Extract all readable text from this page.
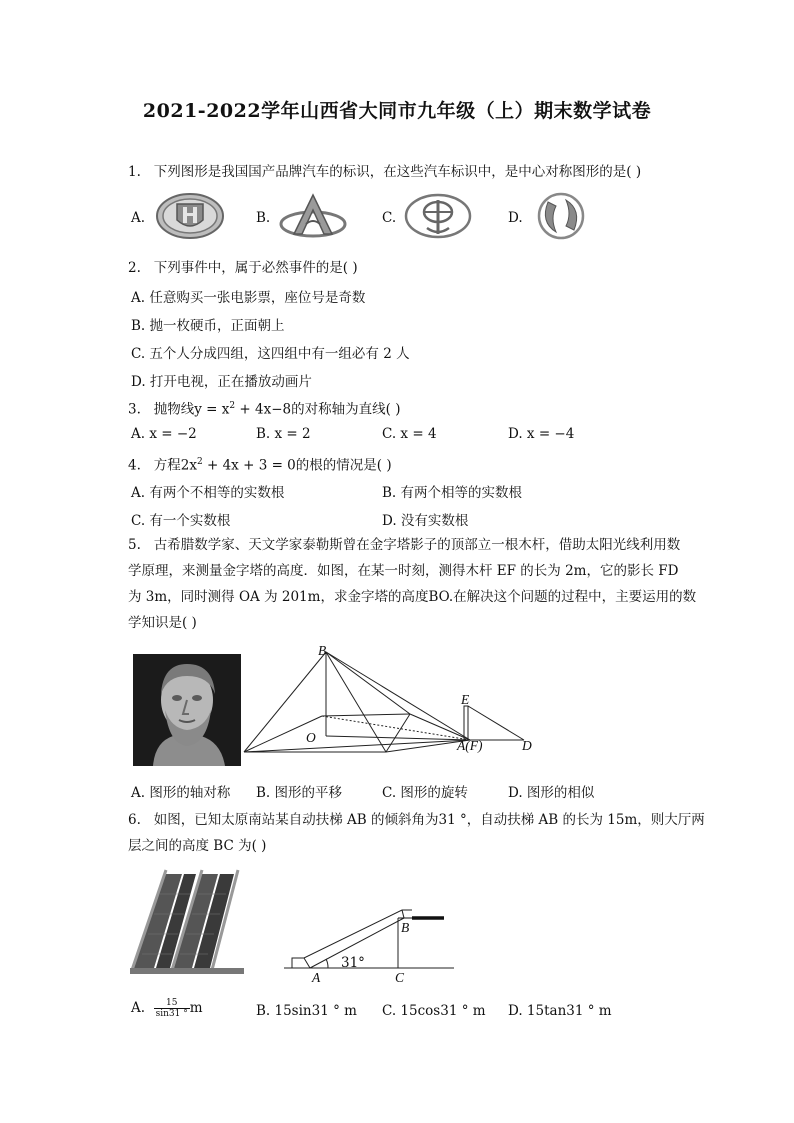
2021-2022学年山西省大同市九年级（上）期末数学试卷
1. 下列图形是我国国产品牌汽车的标识，在这些汽车标识中，是中心对称图形的是( )
A.	B.	C.	D.
2. 下列事件中，属于必然事件的是( )
A. 任意购买一张电影票，座位号是奇数
B. 抛一枚硬币，正面朝上
C. 五个人分成四组，这四组中有一组必有 2 人
D. 打开电视，正在播放动画片
3. 抛物线$y = x^2 + 4x-8$的对称轴为直线( )
A. x = −2	B. x = 2	C. x = 4	D. x = −4
4. 方程$2x^2 + 4x + 3 = 0$的根的情况是( )
A. 有两个不相等的实数根	B. 有两个相等的实数根
C. 有一个实数根	D. 没有实数根
5. 古希腊数学家、天文学家泰勒斯曾在金字塔影子的顶部立一根木杆，借助太阳光线利用数
学原理，来测量金字塔的高度．如图，在某一时刻，测得木杆 EF 的长为 2m，它的影长 FD
为 3m，同时测得 OA 为 201m，求金字塔的高度BO.在解决这个问题的过程中，主要运用的数
学知识是( )
B
E
O
A(F)	D
A. 图形的轴对称 B. 图形的平移	C. 图形的旋转	D. 图形的相似
6. 如图，已知太原南站某自动扶梯 AB 的倾斜角为31 °，自动扶梯 AB 的长为 15m，则大厅两
层之间的高度 BC 为( )
B
31°
A	C
A. $\frac{15}{\sin 31 ^\circ}$ m	B. 15sin31 ° m C. 15cos31 ° m D. 15tan31 ° m
